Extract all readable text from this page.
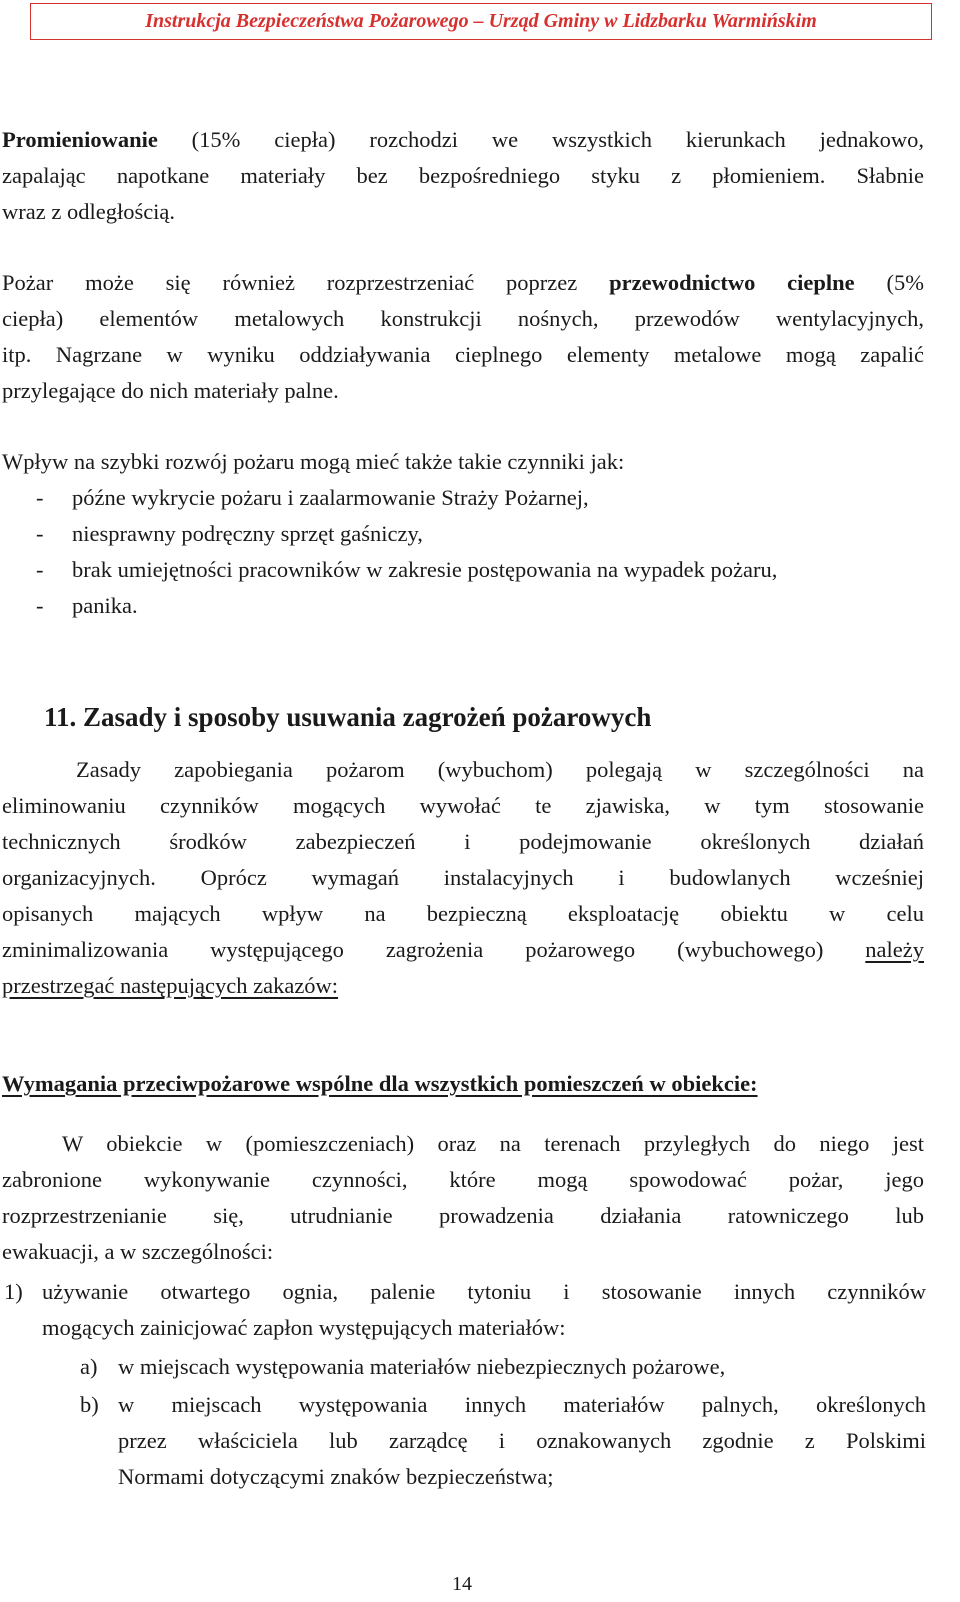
Instrukcja Bezpieczeństwa Pożarowego – Urząd Gminy w Lidzbarku Warmińskim
Promieniowanie (15% ciepła) rozchodzi we wszystkich kierunkach jednakowo,
zapalając napotkane materiały bez bezpośredniego styku z płomieniem. Słabnie
wraz z odległością.
Pożar może się również rozprzestrzeniać poprzez przewodnictwo cieplne (5%
ciepła) elementów metalowych konstrukcji nośnych, przewodów wentylacyjnych,
itp. Nagrzane w wyniku oddziaływania cieplnego elementy metalowe mogą zapalić
przylegające do nich materiały palne.
Wpływ na szybki rozwój pożaru mogą mieć także takie czynniki jak:
- późne wykrycie pożaru i zaalarmowanie Straży Pożarnej,
- niesprawny podręczny sprzęt gaśniczy,
- brak umiejętności pracowników w zakresie postępowania na wypadek pożaru,
- panika.
11. Zasady i sposoby usuwania zagrożeń pożarowych
Zasady zapobiegania pożarom (wybuchom) polegają w szczególności na
eliminowaniu czynników mogących wywołać te zjawiska, w tym stosowanie
technicznych środków zabezpieczeń i podejmowanie określonych działań
organizacyjnych. Oprócz wymagań instalacyjnych i budowlanych wcześniej
opisanych mających wpływ na bezpieczną eksploatację obiektu w celu
zminimalizowania występującego zagrożenia pożarowego (wybuchowego) należy
przestrzegać następujących zakazów:
Wymagania przeciwpożarowe wspólne dla wszystkich pomieszczeń w obiekcie:
W obiekcie w (pomieszczeniach) oraz na terenach przyległych do niego jest
zabronione wykonywanie czynności, które mogą spowodować pożar, jego
rozprzestrzenianie się, utrudnianie prowadzenia działania ratowniczego lub
ewakuacji, a w szczególności:
1) używanie otwartego ognia, palenie tytoniu i stosowanie innych czynników
mogących zainicjować zapłon występujących materiałów:
a) w miejscach występowania materiałów niebezpiecznych pożarowe,
b) w miejscach występowania innych materiałów palnych, określonych
przez właściciela lub zarządcę i oznakowanych zgodnie z Polskimi
Normami dotyczącymi znaków bezpieczeństwa;
14
